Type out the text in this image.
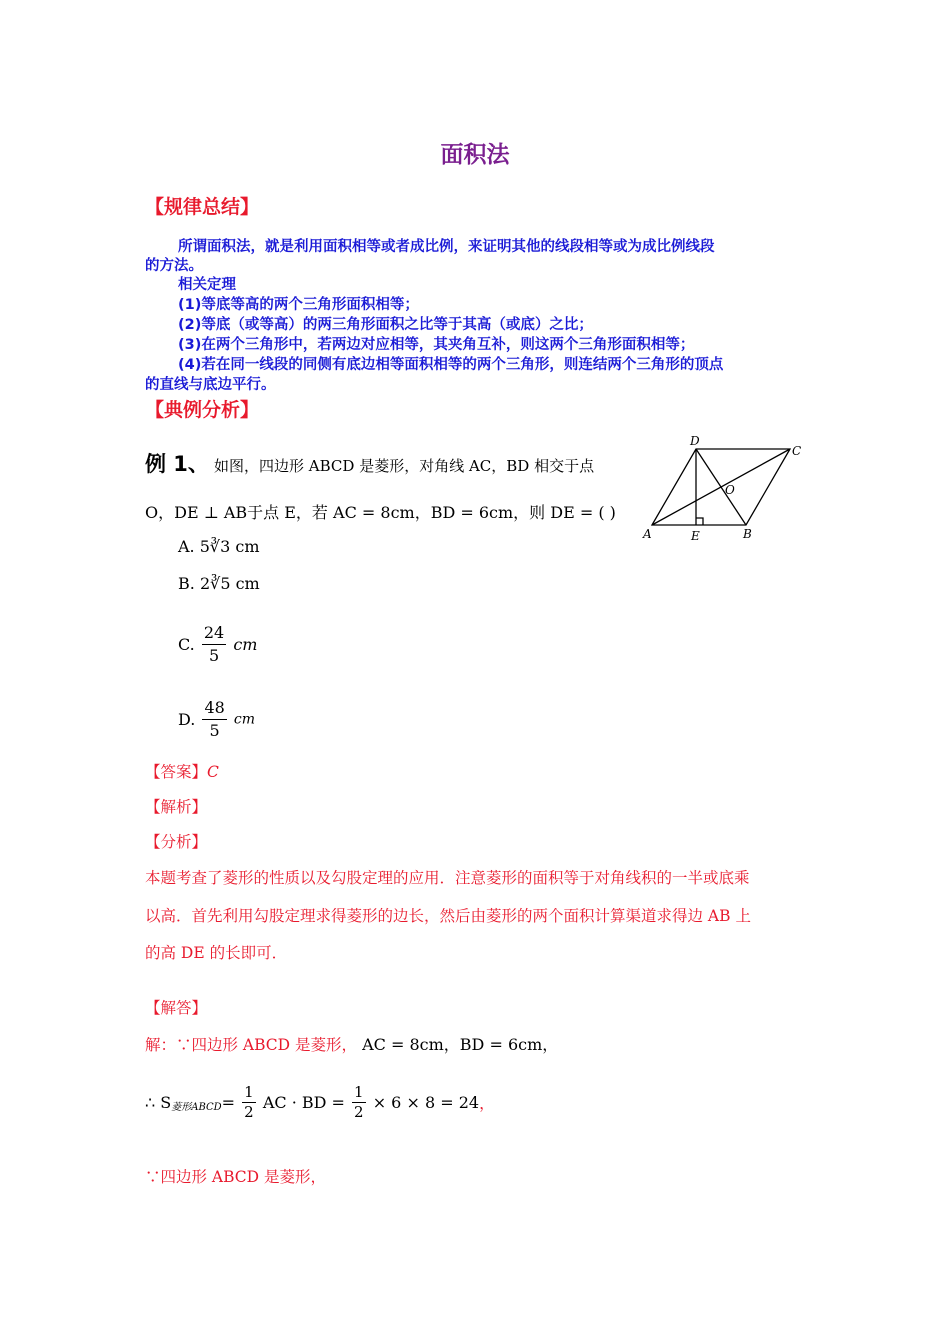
面积法
【规律总结】
所谓面积法，就是利用面积相等或者成比例，来证明其他的线段相等或为成比例线段
的方法。
相关定理
(1)等底等高的两个三角形面积相等；
(2)等底（或等高）的两三角形面积之比等于其高（或底）之比；
(3)在两个三角形中，若两边对应相等，其夹角互补，则这两个三角形面积相等；
(4)若在同一线段的同侧有底边相等面积相等的两个三角形，则连结两个三角形的顶点
的直线与底边平行。
【典例分析】
例 1、 如图，四边形 ABCD 是菱形，对角线 AC，BD 相交于点
O，DE ⊥ AB于点 E，若 AC = 8cm，BD = 6cm，则 DE = ( )
A. 5∛3 cm
B. 2∛5 cm
C. $\frac{24}{5}$ cm
D. $\frac{48}{5}$ cm
A	B
C
D
E
O
【答案】C
【解析】
【分析】
本题考查了菱形的性质以及勾股定理的应用．注意菱形的面积等于对角线积的一半或底乘
以高．首先利用勾股定理求得菱形的边长，然后由菱形的两个面积计算渠道求得边 AB 上
的高 DE 的长即可．
【解答】
解：∵四边形 ABCD 是菱形， AC = 8cm，BD = 6cm，
∴ $S_{菱形ABCD}= \frac{1}{2}$ AC · BD = $\frac{1}{2} \times 6 \times 8 = 24$，
∵四边形 ABCD 是菱形，
